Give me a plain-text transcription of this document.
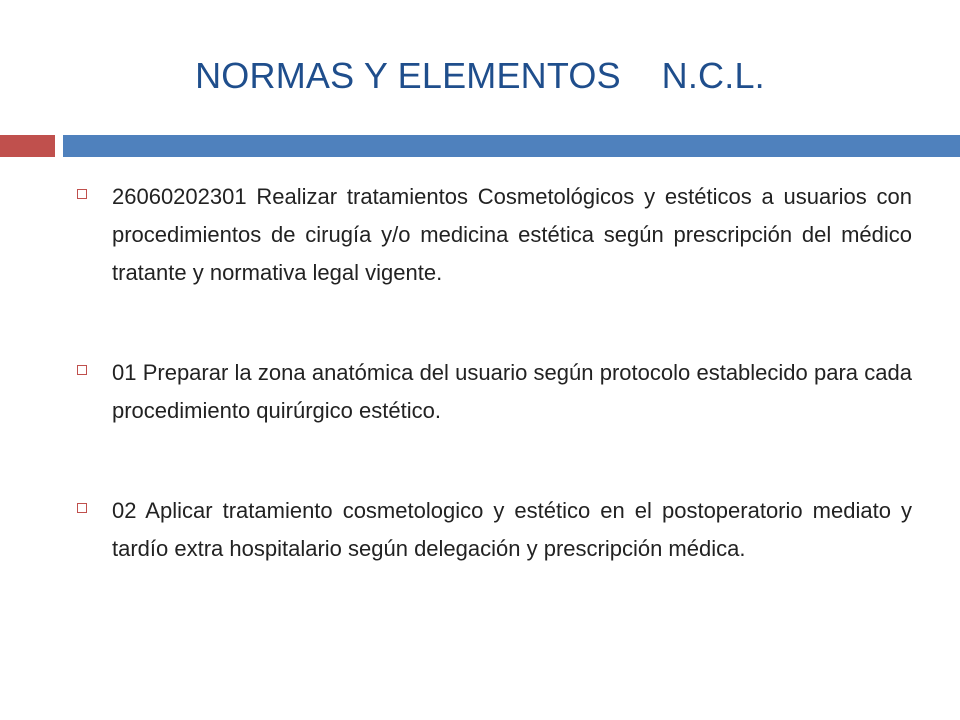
NORMAS Y ELEMENTOS    N.C.L.
26060202301 Realizar tratamientos Cosmetológicos y estéticos a usuarios con procedimientos de cirugía y/o medicina estética según prescripción del médico tratante y normativa legal vigente.
01 Preparar la zona anatómica del usuario según protocolo establecido para cada procedimiento quirúrgico estético.
02 Aplicar tratamiento cosmetologico y estético en el postoperatorio mediato y tardío extra hospitalario según delegación y prescripción médica.
